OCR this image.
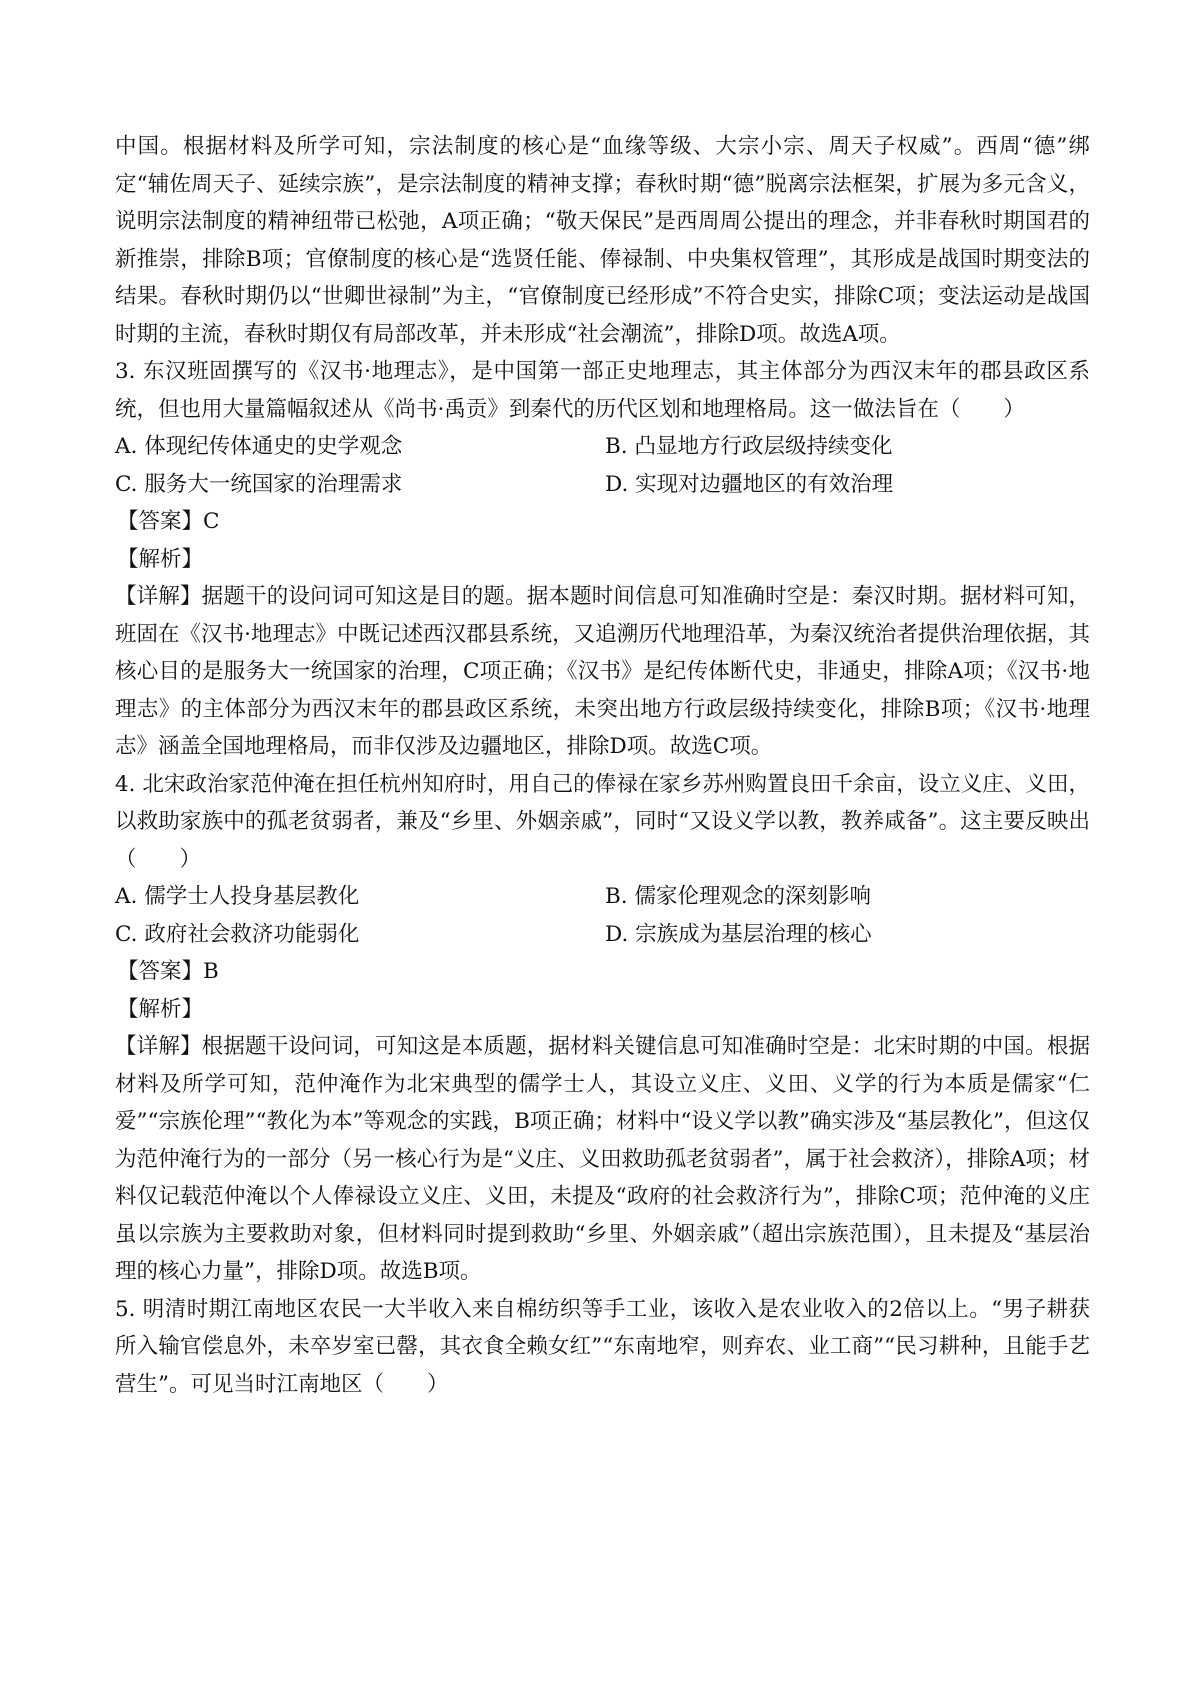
中国。根据材料及所学可知，宗法制度的核心是“血缘等级、大宗小宗、周天子权威”。西周“德”绑定“辅佐周天子、延续宗族”，是宗法制度的精神支撑；春秋时期“德”脱离宗法框架，扩展为多元含义，说明宗法制度的精神纽带已松弛，A项正确；“敬天保民”是西周周公提出的理念，并非春秋时期国君的新推崇，排除B项；官僚制度的核心是“选贤任能、俸禄制、中央集权管理”，其形成是战国时期变法的结果。春秋时期仍以“世卿世禄制”为主，“官僚制度已经形成”不符合史实，排除C项；变法运动是战国时期的主流，春秋时期仅有局部改革，并未形成“社会潮流”，排除D项。故选A项。

3. 东汉班固撰写的《汉书·地理志》，是中国第一部正史地理志，其主体部分为西汉末年的郡县政区系统，但也用大量篇幅叙述从《尚书·禹贡》到秦代的历代区划和地理格局。这一做法旨在（　　）

A. 体现纪传体通史的史学观念	B. 凸显地方行政层级持续变化
C. 服务大一统国家的治理需求	D. 实现对边疆地区的有效治理
【答案】C
【解析】

【详解】据题干的设问词可知这是目的题。据本题时间信息可知准确时空是：秦汉时期。据材料可知，班固在《汉书·地理志》中既记述西汉郡县系统，又追溯历代地理沿革，为秦汉统治者提供治理依据，其核心目的是服务大一统国家的治理，C项正确；《汉书》是纪传体断代史，非通史，排除A项；《汉书·地理志》的主体部分为西汉末年的郡县政区系统，未突出地方行政层级持续变化，排除B项；《汉书·地理志》涵盖全国地理格局，而非仅涉及边疆地区，排除D项。故选C项。

4. 北宋政治家范仲淹在担任杭州知府时，用自己的俸禄在家乡苏州购置良田千余亩，设立义庄、义田，以救助家族中的孤老贫弱者，兼及“乡里、外姻亲戚”，同时“又设义学以教，教养咸备”。这主要反映出（　　）

A. 儒学士人投身基层教化	B. 儒家伦理观念的深刻影响
C. 政府社会救济功能弱化	D. 宗族成为基层治理的核心
【答案】B
【解析】

【详解】根据题干设问词，可知这是本质题，据材料关键信息可知准确时空是：北宋时期的中国。根据材料及所学可知，范仲淹作为北宋典型的儒学士人，其设立义庄、义田、义学的行为本质是儒家“仁爱”“宗族伦理”“教化为本”等观念的实践，B项正确；材料中“设义学以教”确实涉及“基层教化”，但这仅为范仲淹行为的一部分（另一核心行为是“义庄、义田救助孤老贫弱者”，属于社会救济），排除A项；材料仅记载范仲淹以个人俸禄设立义庄、义田，未提及“政府的社会救济行为”，排除C项；范仲淹的义庄虽以宗族为主要救助对象，但材料同时提到救助“乡里、外姻亲戚”（超出宗族范围），且未提及“基层治理的核心力量”，排除D项。故选B项。

5. 明清时期江南地区农民一大半收入来自棉纺织等手工业，该收入是农业收入的2倍以上。“男子耕获所入输官偿息外，未卒岁室已罄，其衣食全赖女红”“东南地窄，则弃农、业工商”“民习耕种，且能手艺营生”。可见当时江南地区（　　）
